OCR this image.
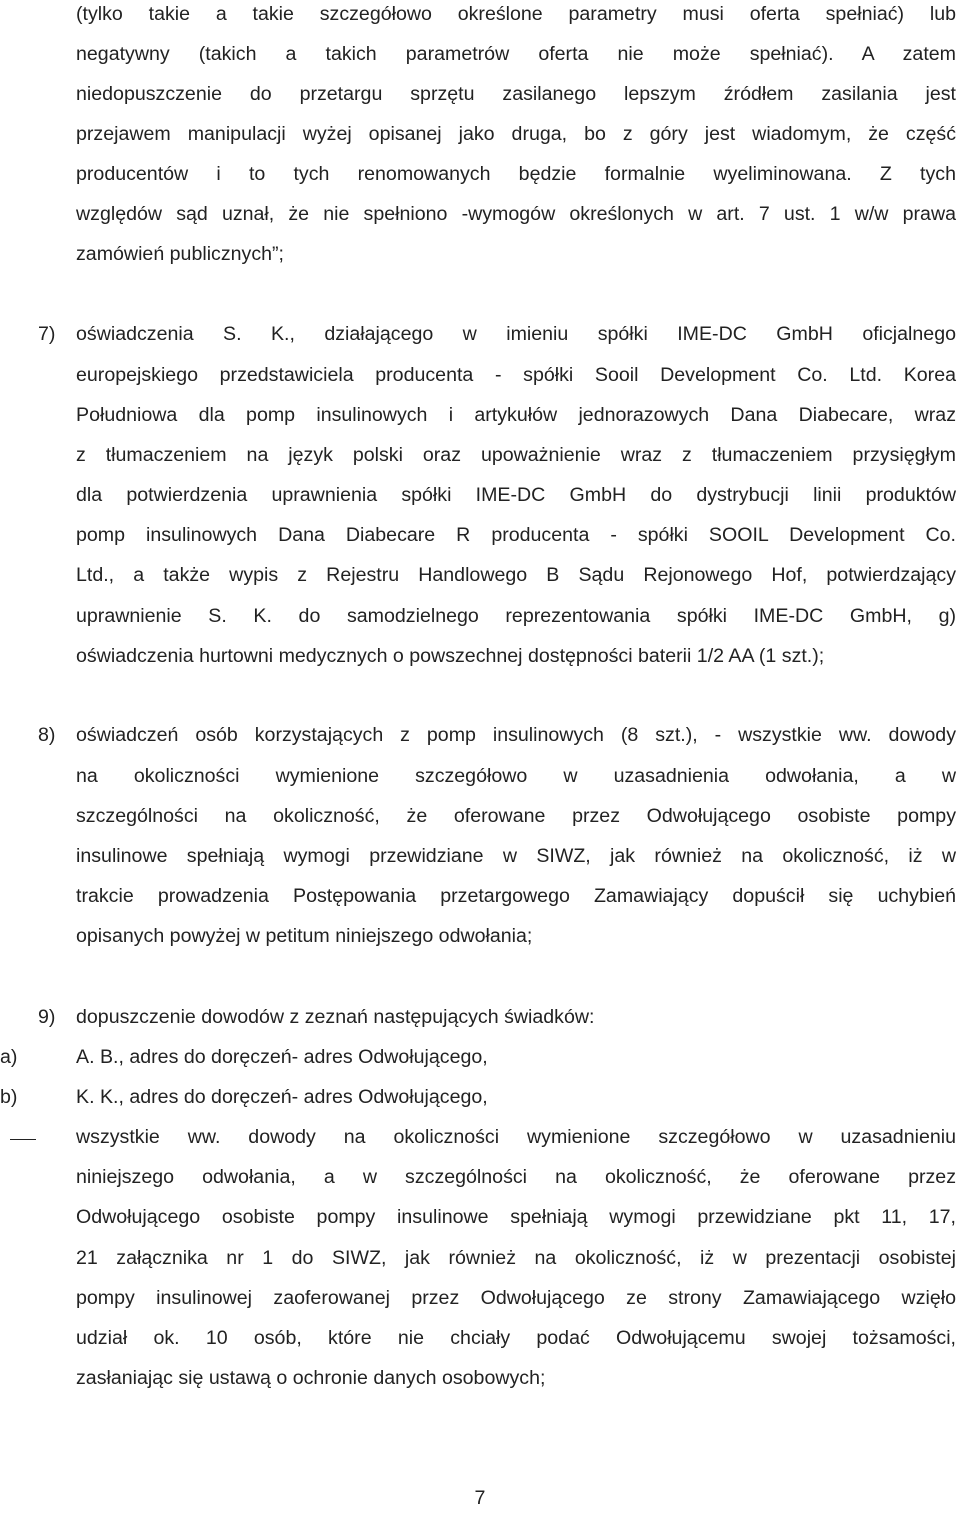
(tylko takie a takie szczegółowo określone parametry musi oferta spełniać) lub
negatywny (takich a takich parametrów oferta nie może spełniać). A zatem
niedopuszczenie do przetargu sprzętu zasilanego lepszym źródłem zasilania jest
przejawem manipulacji wyżej opisanej jako druga, bo z góry jest wiadomym, że część
producentów i to tych renomowanych będzie formalnie wyeliminowana. Z tych
względów sąd uznał, że nie spełniono -wymogów określonych w art. 7 ust. 1 w/w prawa
zamówień publicznych”;
7) oświadczenia S. K., działającego w imieniu spółki IME-DC GmbH oficjalnego
europejskiego przedstawiciela producenta - spółki Sooil Development Co. Ltd. Korea
Południowa dla pomp insulinowych i artykułów jednorazowych Dana Diabecare, wraz
z tłumaczeniem na język polski oraz upoważnienie wraz z tłumaczeniem przysięgłym
dla potwierdzenia uprawnienia spółki IME-DC GmbH do dystrybucji linii produktów
pomp insulinowych Dana Diabecare R producenta - spółki SOOIL Development Co.
Ltd., a także wypis z Rejestru Handlowego B Sądu Rejonowego Hof, potwierdzający
uprawnienie S. K. do samodzielnego reprezentowania spółki IME-DC GmbH, g)
oświadczenia hurtowni medycznych o powszechnej dostępności baterii 1/2 AA (1 szt.);
8) oświadczeń osób korzystających z pomp insulinowych (8 szt.), - wszystkie ww. dowody
na okoliczności wymienione szczegółowo w uzasadnienia odwołania, a w
szczególności na okoliczność, że oferowane przez Odwołującego osobiste pompy
insulinowe spełniają wymogi przewidziane w SIWZ, jak również na okoliczność, iż w
trakcie prowadzenia Postępowania przetargowego Zamawiający dopuścił się uchybień
opisanych powyżej w petitum niniejszego odwołania;
9) dopuszczenie dowodów z zeznań następujących świadków:
a)	A. B., adres do doręczeń- adres Odwołującego,
b)	K. K., adres do doręczeń- adres Odwołującego,
wszystkie ww. dowody na okoliczności wymienione szczegółowo w uzasadnieniu
niniejszego odwołania, a w szczególności na okoliczność, że oferowane przez
Odwołującego osobiste pompy insulinowe spełniają wymogi przewidziane pkt 11, 17,
21 załącznika nr 1 do SIWZ, jak również na okoliczność, iż w prezentacji osobistej
pompy insulinowej zaoferowanej przez Odwołującego ze strony Zamawiającego wzięło
udział ok. 10 osób, które nie chciały podać Odwołującemu swojej tożsamości,
zasłaniając się ustawą o ochronie danych osobowych;
7
